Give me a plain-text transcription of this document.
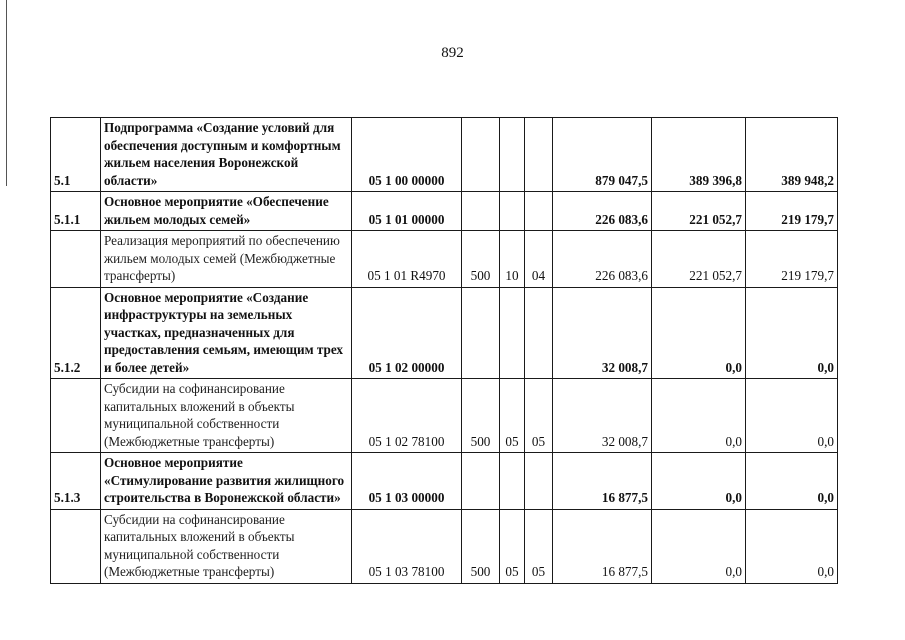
892
5.1	Подпрограмма «Создание условий для обеспечения доступным и комфортным жильем населения Воронежской области»	05 1 00 00000				879 047,5	389 396,8	389 948,2
5.1.1	Основное мероприятие «Обеспечение жильем молодых семей»	05 1 01 00000				226 083,6	221 052,7	219 179,7
	Реализация мероприятий по обеспечению жильем молодых семей (Межбюджетные трансферты)	05 1 01 R4970	500	10	04	226 083,6	221 052,7	219 179,7
5.1.2	Основное мероприятие «Создание инфраструктуры на земельных участках, предназначенных для предоставления семьям, имеющим трех и более детей»	05 1 02 00000				32 008,7	0,0	0,0
	Субсидии на софинансирование капитальных вложений в объекты муниципальной собственности (Межбюджетные трансферты)	05 1 02 78100	500	05	05	32 008,7	0,0	0,0
5.1.3	Основное мероприятие «Стимулирование развития жилищного строительства в Воронежской области»	05 1 03 00000				16 877,5	0,0	0,0
	Субсидии на софинансирование капитальных вложений в объекты муниципальной собственности (Межбюджетные трансферты)	05 1 03 78100	500	05	05	16 877,5	0,0	0,0
